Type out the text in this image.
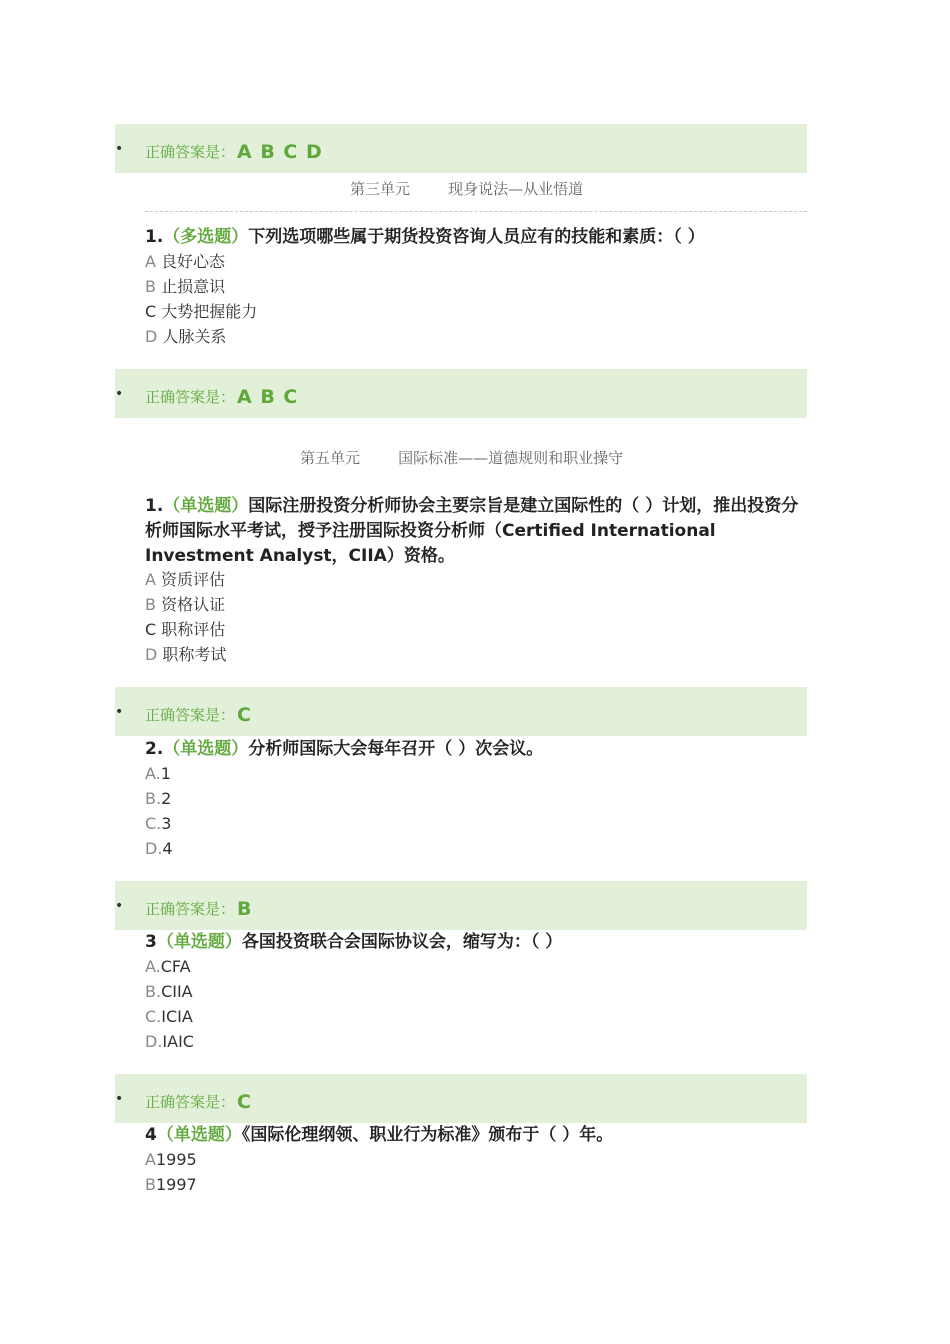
• 正确答案是： A B C D
第三单元        现身说法—从业悟道
1.（多选题）下列选项哪些属于期货投资咨询人员应有的技能和素质：（ ）
A 良好心态
B 止损意识
C 大势把握能力
D 人脉关系
• 正确答案是： A B C
第五单元        国际标准——道德规则和职业操守
1.（单选题）国际注册投资分析师协会主要宗旨是建立国际性的（ ）计划，推出投资分析师国际水平考试，授予注册国际投资分析师（Certified International Investment Analyst，CIIA）资格。
A 资质评估
B 资格认证
C 职称评估
D 职称考试
• 正确答案是： C
2.（单选题）分析师国际大会每年召开（ ）次会议。
A.1
B.2
C.3
D.4
• 正确答案是： B
3（单选题）各国投资联合会国际协议会，缩写为：（ ）
A.CFA
B.CIIA
C.ICIA
D.IAIC
• 正确答案是： C
4（单选题）《国际伦理纲领、职业行为标准》颁布于（ ）年。
A1995
B1997
